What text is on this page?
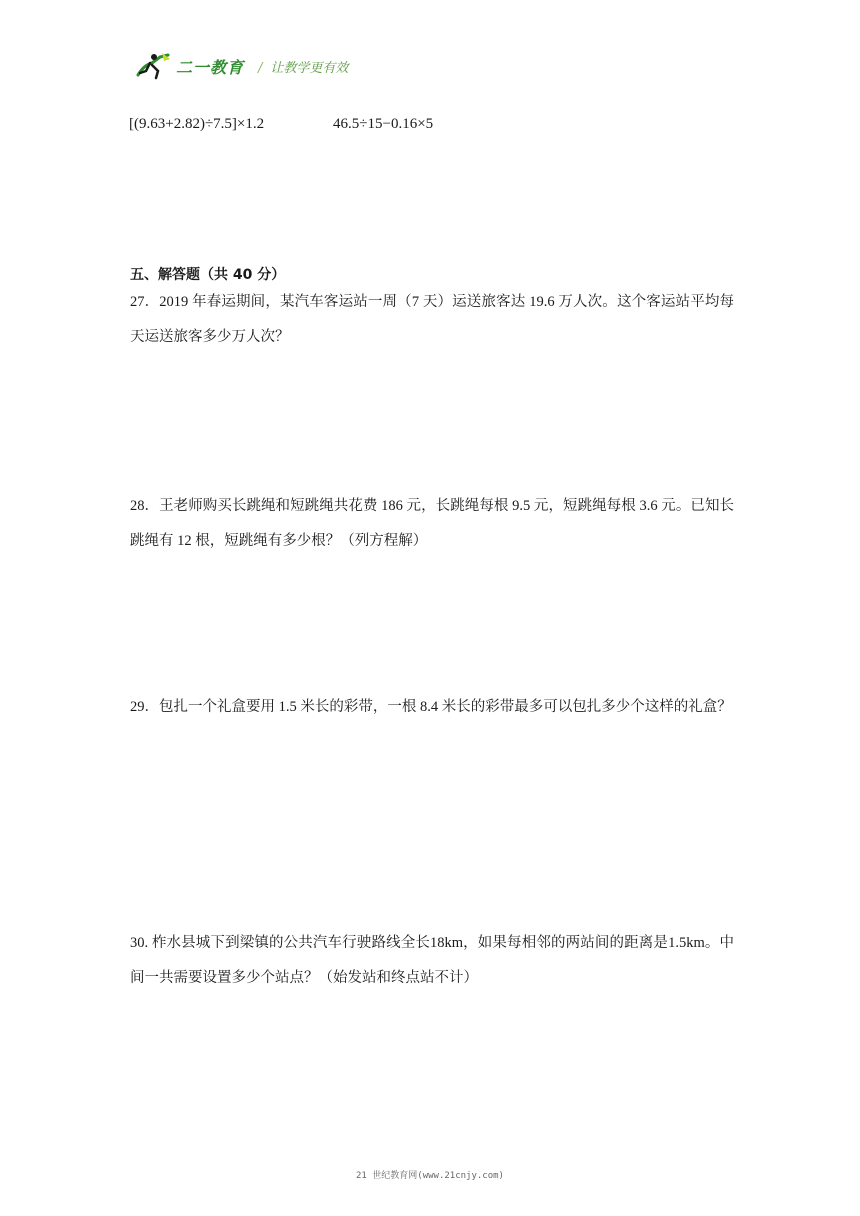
二一教育 / 让教学更有效
[(9.63+2.82)÷7.5]×1.2	46.5÷15−0.16×5
五、解答题（共 40 分）

27．2019 年春运期间，某汽车客运站一周（7 天）运送旅客达 19.6 万人次。这个客运站平均每天运送旅客多少万人次？

28．王老师购买长跳绳和短跳绳共花费 186 元，长跳绳每根 9.5 元，短跳绳每根 3.6 元。已知长跳绳有 12 根，短跳绳有多少根？（列方程解）

29．包扎一个礼盒要用 1.5 米长的彩带，一根 8.4 米长的彩带最多可以包扎多少个这样的礼盒？

30. 柞水县城下到梁镇的公共汽车行驶路线全长18km，如果每相邻的两站间的距离是1.5km。中间一共需要设置多少个站点？（始发站和终点站不计）

21 世纪教育网(www.21cnjy.com)
